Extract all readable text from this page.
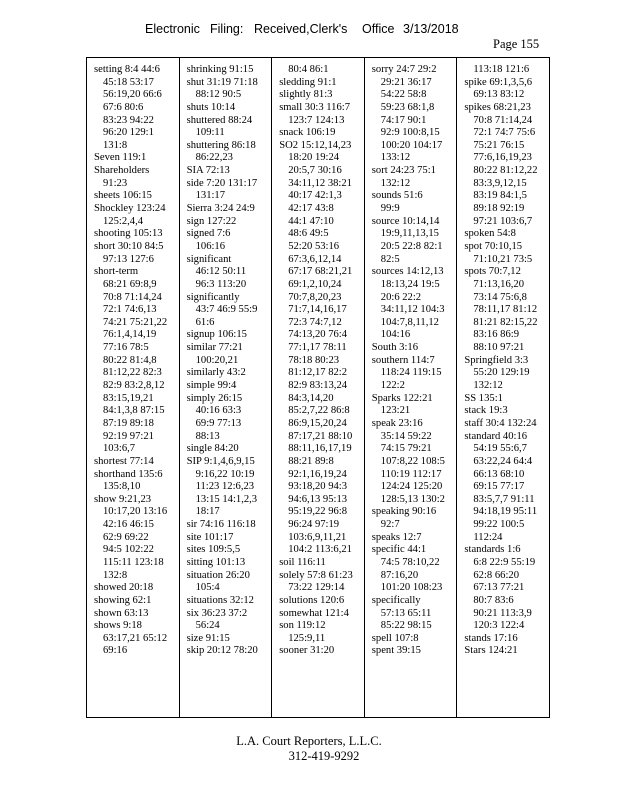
Electronic Filing: Received,Clerk's Office 3/13/2018
Page 155
setting 8:4 44:6
45:18 53:17
56:19,20 66:6
67:6 80:6
83:23 94:22
96:20 129:1
131:8
Seven 119:1
Shareholders
91:23
sheets 106:15
Shockley 123:24
125:2,4,4
shooting 105:13
short 30:10 84:5
97:13 127:6
short-term
68:21 69:8,9
70:8 71:14,24
72:1 74:6,13
74:21 75:21,22
76:1,4,14,19
77:16 78:5
80:22 81:4,8
81:12,22 82:3
82:9 83:2,8,12
83:15,19,21
84:1,3,8 87:15
87:19 89:18
92:19 97:21
103:6,7
shortest 77:14
shorthand 135:6
135:8,10
show 9:21,23
10:17,20 13:16
42:16 46:15
62:9 69:22
94:5 102:22
115:11 123:18
132:8
showed 20:18
showing 62:1
shown 63:13
shows 9:18
63:17,21 65:12
69:16
shrinking 91:15
shut 31:19 71:18
88:12 90:5
shuts 10:14
shuttered 88:24
109:11
shuttering 86:18
86:22,23
SIA 72:13
side 7:20 131:17
131:17
Sierra 3:24 24:9
sign 127:22
signed 7:6
106:16
significant
46:12 50:11
96:3 113:20
significantly
43:7 46:9 55:9
61:6
signup 106:15
similar 77:21
100:20,21
similarly 43:2
simple 99:4
simply 26:15
40:16 63:3
69:9 77:13
88:13
single 84:20
SIP 9:1,4,6,9,15
9:16,22 10:19
11:23 12:6,23
13:15 14:1,2,3
18:17
sir 74:16 116:18
site 101:17
sites 109:5,5
sitting 101:13
situation 26:20
105:4
situations 32:12
six 36:23 37:2
56:24
size 91:15
skip 20:12 78:20
80:4 86:1
sledding 91:1
slightly 81:3
small 30:3 116:7
123:7 124:13
snack 106:19
SO2 15:12,14,23
18:20 19:24
20:5,7 30:16
34:11,12 38:21
40:17 42:1,3
42:17 43:8
44:1 47:10
48:6 49:5
52:20 53:16
67:3,6,12,14
67:17 68:21,21
69:1,2,10,24
70:7,8,20,23
71:7,14,16,17
72:3 74:7,12
74:13,20 76:4
77:1,17 78:11
78:18 80:23
81:12,17 82:2
82:9 83:13,24
84:3,14,20
85:2,7,22 86:8
86:9,15,20,24
87:17,21 88:10
88:11,16,17,19
88:21 89:8
92:1,16,19,24
93:18,20 94:3
94:6,13 95:13
95:19,22 96:8
96:24 97:19
103:6,9,11,21
104:2 113:6,21
soil 116:11
solely 57:8 61:23
73:22 129:14
solutions 120:6
somewhat 121:4
son 119:12
125:9,11
sooner 31:20
sorry 24:7 29:2
29:21 36:17
54:22 58:8
59:23 68:1,8
74:17 90:1
92:9 100:8,15
100:20 104:17
133:12
sort 24:23 75:1
132:12
sounds 51:6
99:9
source 10:14,14
19:9,11,13,15
20:5 22:8 82:1
82:5
sources 14:12,13
18:13,24 19:5
20:6 22:2
34:11,12 104:3
104:7,8,11,12
104:16
South 3:16
southern 114:7
118:24 119:15
122:2
Sparks 122:21
123:21
speak 23:16
35:14 59:22
74:15 79:21
107:8,22 108:5
110:19 112:17
124:24 125:20
128:5,13 130:2
speaking 90:16
92:7
speaks 12:7
specific 44:1
74:5 78:10,22
87:16,20
101:20 108:23
specifically
57:13 65:11
85:22 98:15
spell 107:8
spent 39:15
113:18 121:6
spike 69:1,3,5,6
69:13 83:12
spikes 68:21,23
70:8 71:14,24
72:1 74:7 75:6
75:21 76:15
77:6,16,19,23
80:22 81:12,22
83:3,9,12,15
83:19 84:1,5
89:18 92:19
97:21 103:6,7
spoken 54:8
spot 70:10,15
71:10,21 73:5
spots 70:7,12
71:13,16,20
73:14 75:6,8
78:11,17 81:12
81:21 82:15,22
83:16 86:9
88:10 97:21
Springfield 3:3
55:20 129:19
132:12
SS 135:1
stack 19:3
staff 30:4 132:24
standard 40:16
54:19 55:6,7
63:22,24 64:4
66:13 68:10
69:15 77:17
83:5,7,7 91:11
94:18,19 95:11
99:22 100:5
112:24
standards 1:6
6:8 22:9 55:19
62:8 66:20
67:13 77:21
80:7 83:6
90:21 113:3,9
120:3 122:4
stands 17:16
Stars 124:21
L.A. Court Reporters, L.L.C.
312-419-9292
